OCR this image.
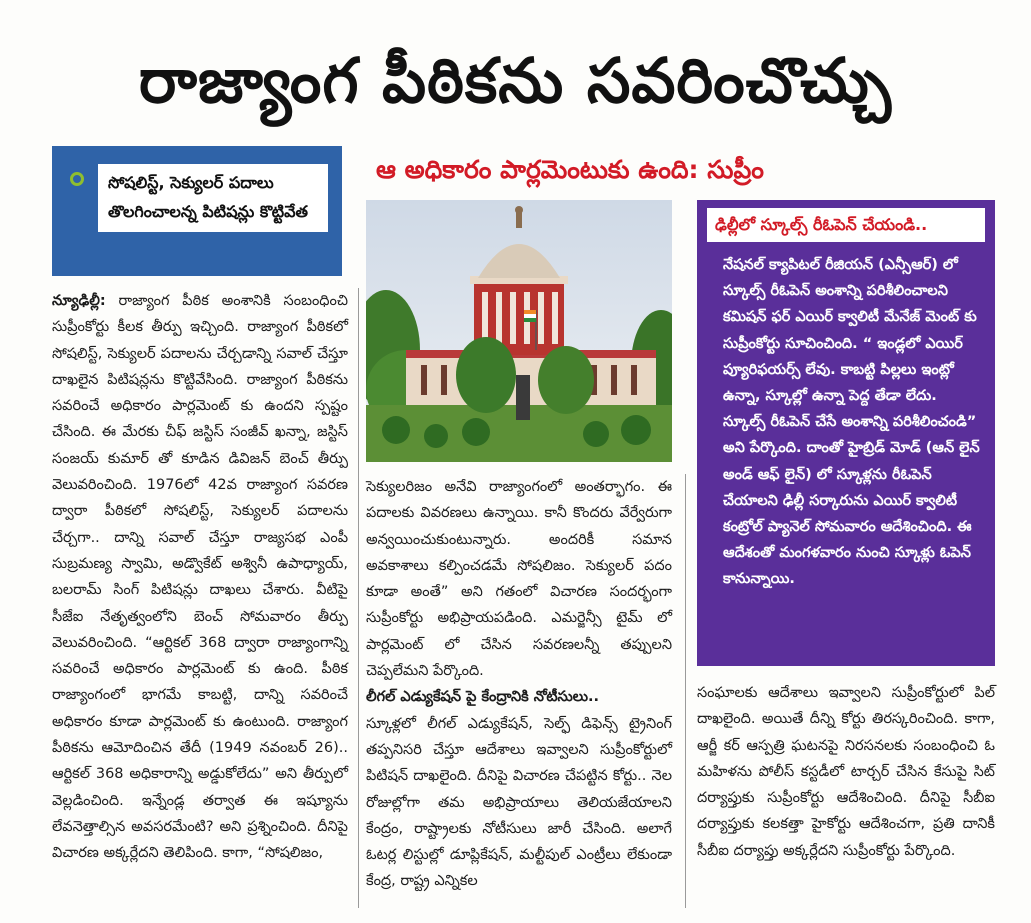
రాజ్యాంగ పీఠికను సవరించొచ్చు
సోషలిస్ట్, సెక్యులర్ పదాలు తొలగించాలన్న పిటిషన్లు కొట్టివేత
ఆ అధికారం పార్లమెంటుకు ఉంది: సుప్రీం

న్యూఢిల్లీ: రాజ్యాంగ పీఠిక అంశానికి సంబంధించి సుప్రీంకోర్టు కీలక తీర్పు ఇచ్చింది. రాజ్యాంగ పీఠికలో సోషలిస్ట్, సెక్యులర్ పదాలను చేర్చడాన్ని సవాల్ చేస్తూ దాఖలైన పిటిషన్లను కొట్టివేసింది. రాజ్యాంగ పీఠికను సవరించే అధికారం పార్లమెంట్ కు ఉందని స్పష్టం చేసింది. ఈ మేరకు చీఫ్ జస్టిస్ సంజీవ్ ఖన్నా, జస్టిస్ సంజయ్ కుమార్ తో కూడిన డివిజన్ బెంచ్ తీర్పు వెలువరించింది. 1976లో 42వ రాజ్యాంగ సవరణ ద్వారా పీఠికలో సోషలిస్ట్, సెక్యులర్ పదాలను చేర్చగా.. దాన్ని సవాల్ చేస్తూ రాజ్యసభ ఎంపీ సుబ్రమణ్య స్వామి, అడ్వొకేట్ అశ్వినీ ఉపాధ్యాయ్, బలరామ్ సింగ్ పిటిషన్లు దాఖలు చేశారు. వీటిపై సీజేఐ నేతృత్వంలోని బెంచ్ సోమవారం తీర్పు వెలువరించింది. “ఆర్టికల్ 368 ద్వారా రాజ్యాంగాన్ని సవరించే అధికారం పార్లమెంట్ కు ఉంది. పీఠిక రాజ్యాంగంలో భాగమే కాబట్టి, దాన్ని సవరించే అధికారం కూడా పార్లమెంట్ కు ఉంటుంది. రాజ్యాంగ పీఠికను ఆమోదించిన తేదీ (1949 నవంబర్ 26).. ఆర్టికల్ 368 అధికారాన్ని అడ్డుకోలేదు” అని తీర్పులో వెల్లడించింది. ఇన్నేండ్ల తర్వాత ఈ ఇష్యూను లేవనెత్తాల్సిన అవసరమేంటి? అని ప్రశ్నించింది. దీనిపై విచారణ అక్కర్లేదని తెలిపింది. కాగా, “సోషలిజం,

సెక్యులరిజం అనేవి రాజ్యాంగంలో అంతర్భాగం. ఈ పదాలకు వివరణలు ఉన్నాయి. కానీ కొందరు వేర్వేరుగా అన్వయించుకుంటున్నారు. అందరికీ సమాన అవకాశాలు కల్పించడమే సోషలిజం. సెక్యులర్ పదం కూడా అంతే” అని గతంలో విచారణ సందర్భంగా సుప్రీంకోర్టు అభిప్రాయపడింది. ఎమర్జెన్సీ టైమ్ లో పార్లమెంట్ లో చేసిన సవరణలన్నీ తప్పులని చెప్పలేమని పేర్కొంది.

లీగల్ ఎడ్యుకేషన్ పై కేంద్రానికి నోటీసులు..

స్కూళ్లలో లీగల్ ఎడ్యుకేషన్, సెల్ఫ్ డిఫెన్స్ ట్రైనింగ్ తప్పనిసరి చేస్తూ ఆదేశాలు ఇవ్వాలని సుప్రీంకోర్టులో పిటిషన్ దాఖలైంది. దీనిపై విచారణ చేపట్టిన కోర్టు.. నెల రోజుల్లోగా తమ అభిప్రాయాలు తెలియజేయాలని కేంద్రం, రాష్ట్రాలకు నోటీసులు జారీ చేసింది. అలాగే ఓటర్ల లిస్టుల్లో డూప్లికేషన్, మల్టీపుల్ ఎంట్రీలు లేకుండా కేంద్ర, రాష్ట్ర ఎన్నికల

ఢిల్లీలో స్కూల్స్ రీఓపెన్ చేయండి..
నేషనల్ క్యాపిటల్ రీజియన్ (ఎన్సీఆర్) లో స్కూల్స్ రీఓపెన్ అంశాన్ని పరిశీలించాలని కమిషన్ ఫర్ ఎయిర్ క్వాలిటీ మేనేజ్ మెంట్ కు సుప్రీంకోర్టు సూచించింది. “ ఇండ్లలో ఎయిర్ ప్యూరిఫయర్స్ లేవు. కాబట్టి పిల్లలు ఇంట్లో ఉన్నా, స్కూల్లో ఉన్నా పెద్ద తేడా లేదు. స్కూల్స్ రీఓపెన్ చేసే అంశాన్ని పరిశీలించండి” అని పేర్కొంది. దాంతో హైబ్రిడ్ మోడ్ (ఆన్ లైన్ అండ్ ఆఫ్ లైన్) లో స్కూళ్లను రీఓపెన్ చేయాలని ఢిల్లీ సర్కారును ఎయిర్ క్వాలిటీ కంట్రోల్ ప్యానెల్ సోమవారం ఆదేశించింది. ఈ ఆదేశంతో మంగళవారం నుంచి స్కూళ్లు ఓపెన్ కానున్నాయి.

సంఘాలకు ఆదేశాలు ఇవ్వాలని సుప్రీంకోర్టులో పిల్ దాఖలైంది. అయితే దీన్ని కోర్టు తిరస్కరించింది. కాగా, ఆర్జీ కర్ ఆస్పత్రి ఘటనపై నిరసనలకు సంబంధించి ఓ మహిళను పోలీస్ కస్టడీలో టార్చర్ చేసిన కేసుపై సిట్ దర్యాప్తుకు సుప్రీంకోర్టు ఆదేశించింది. దీనిపై సీబీఐ దర్యాప్తుకు కలకత్తా హైకోర్టు ఆదేశించగా, ప్రతి దానికీ సీబీఐ దర్యాప్తు అక్కర్లేదని సుప్రీంకోర్టు పేర్కొంది.
